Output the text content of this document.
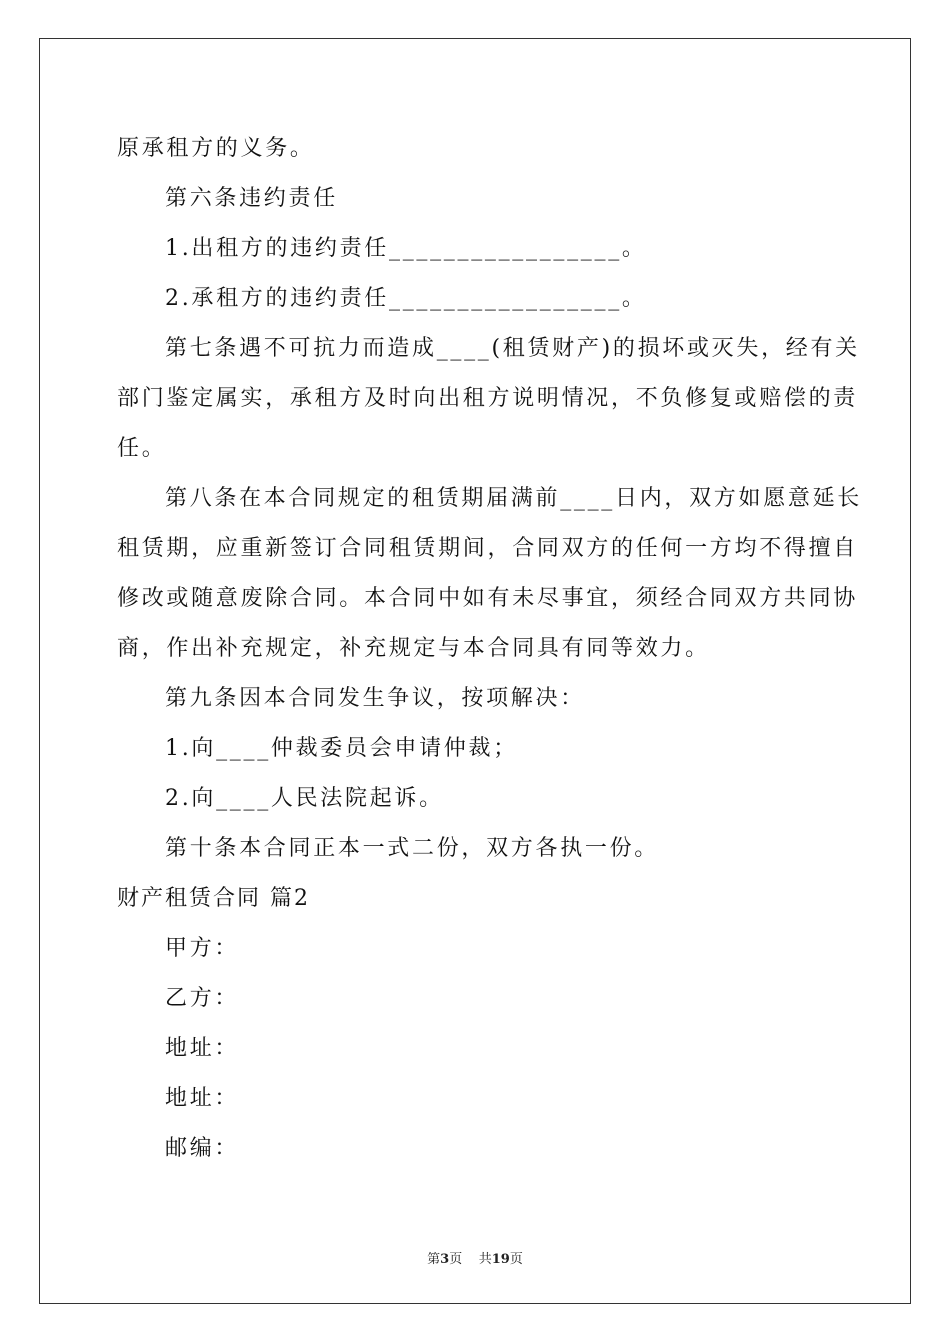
原承租方的义务。
第六条违约责任
1.出租方的违约责任_________________。
2.承租方的违约责任_________________。
第七条遇不可抗力而造成____(租赁财产)的损坏或灭失，经有关
部门鉴定属实，承租方及时向出租方说明情况，不负修复或赔偿的责
任。
第八条在本合同规定的租赁期届满前____日内，双方如愿意延长
租赁期，应重新签订合同租赁期间，合同双方的任何一方均不得擅自
修改或随意废除合同。本合同中如有未尽事宜，须经合同双方共同协
商，作出补充规定，补充规定与本合同具有同等效力。
第九条因本合同发生争议，按项解决：
1.向____仲裁委员会申请仲裁；
2.向____人民法院起诉。
第十条本合同正本一式二份，双方各执一份。
财产租赁合同 篇2
甲方：
乙方：
地址：
地址：
邮编：
第3页 共19页
